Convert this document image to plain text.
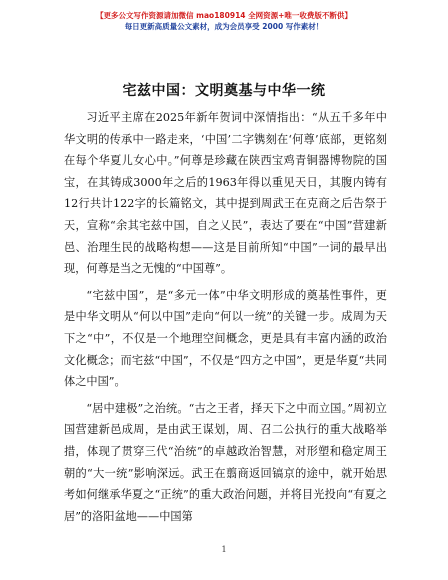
【更多公文写作资源请加微信 mao180914 全网资源+唯一收费版不断供】
每日更新高质量公文素材，成为会员享受 2000 写作素材！
宅兹中国：文明奠基与中华一统

习近平主席在2025年新年贺词中深情指出：“从五千多年中华文明的传承中一路走来，‘中国’二字镌刻在‘何尊’底部，更铭刻在每个华夏儿女心中。”何尊是珍藏在陕西宝鸡青铜器博物院的国宝，在其铸成3000年之后的1963年得以重见天日，其腹内铸有12行共计122字的长篇铭文，其中提到周武王在克商之后告祭于天，宣称“余其宅兹中国，自之乂民”，表达了要在“中国”营建新邑、治理生民的战略构想——这是目前所知“中国”一词的最早出现，何尊是当之无愧的“中国尊”。

“宅兹中国”，是“多元一体”中华文明形成的奠基性事件，更是中华文明从“何以中国”走向“何以一统”的关键一步。成周为天下之“中”，不仅是一个地理空间概念，更是具有丰富内涵的政治文化概念；而宅兹“中国”，不仅是“四方之中国”，更是华夏“共同体之中国”。

“居中建极”之治统。“古之王者，择天下之中而立国。”周初立国营建新邑成周，是由武王谋划，周、召二公执行的重大战略举措，体现了贯穿三代“治统”的卓越政治智慧，对形塑和稳定周王朝的“大一统”影响深远。武王在翦商返回镐京的途中，就开始思考如何继承华夏之“正统”的重大政治问题，并将目光投向“有夏之居”的洛阳盆地——中国第

1
